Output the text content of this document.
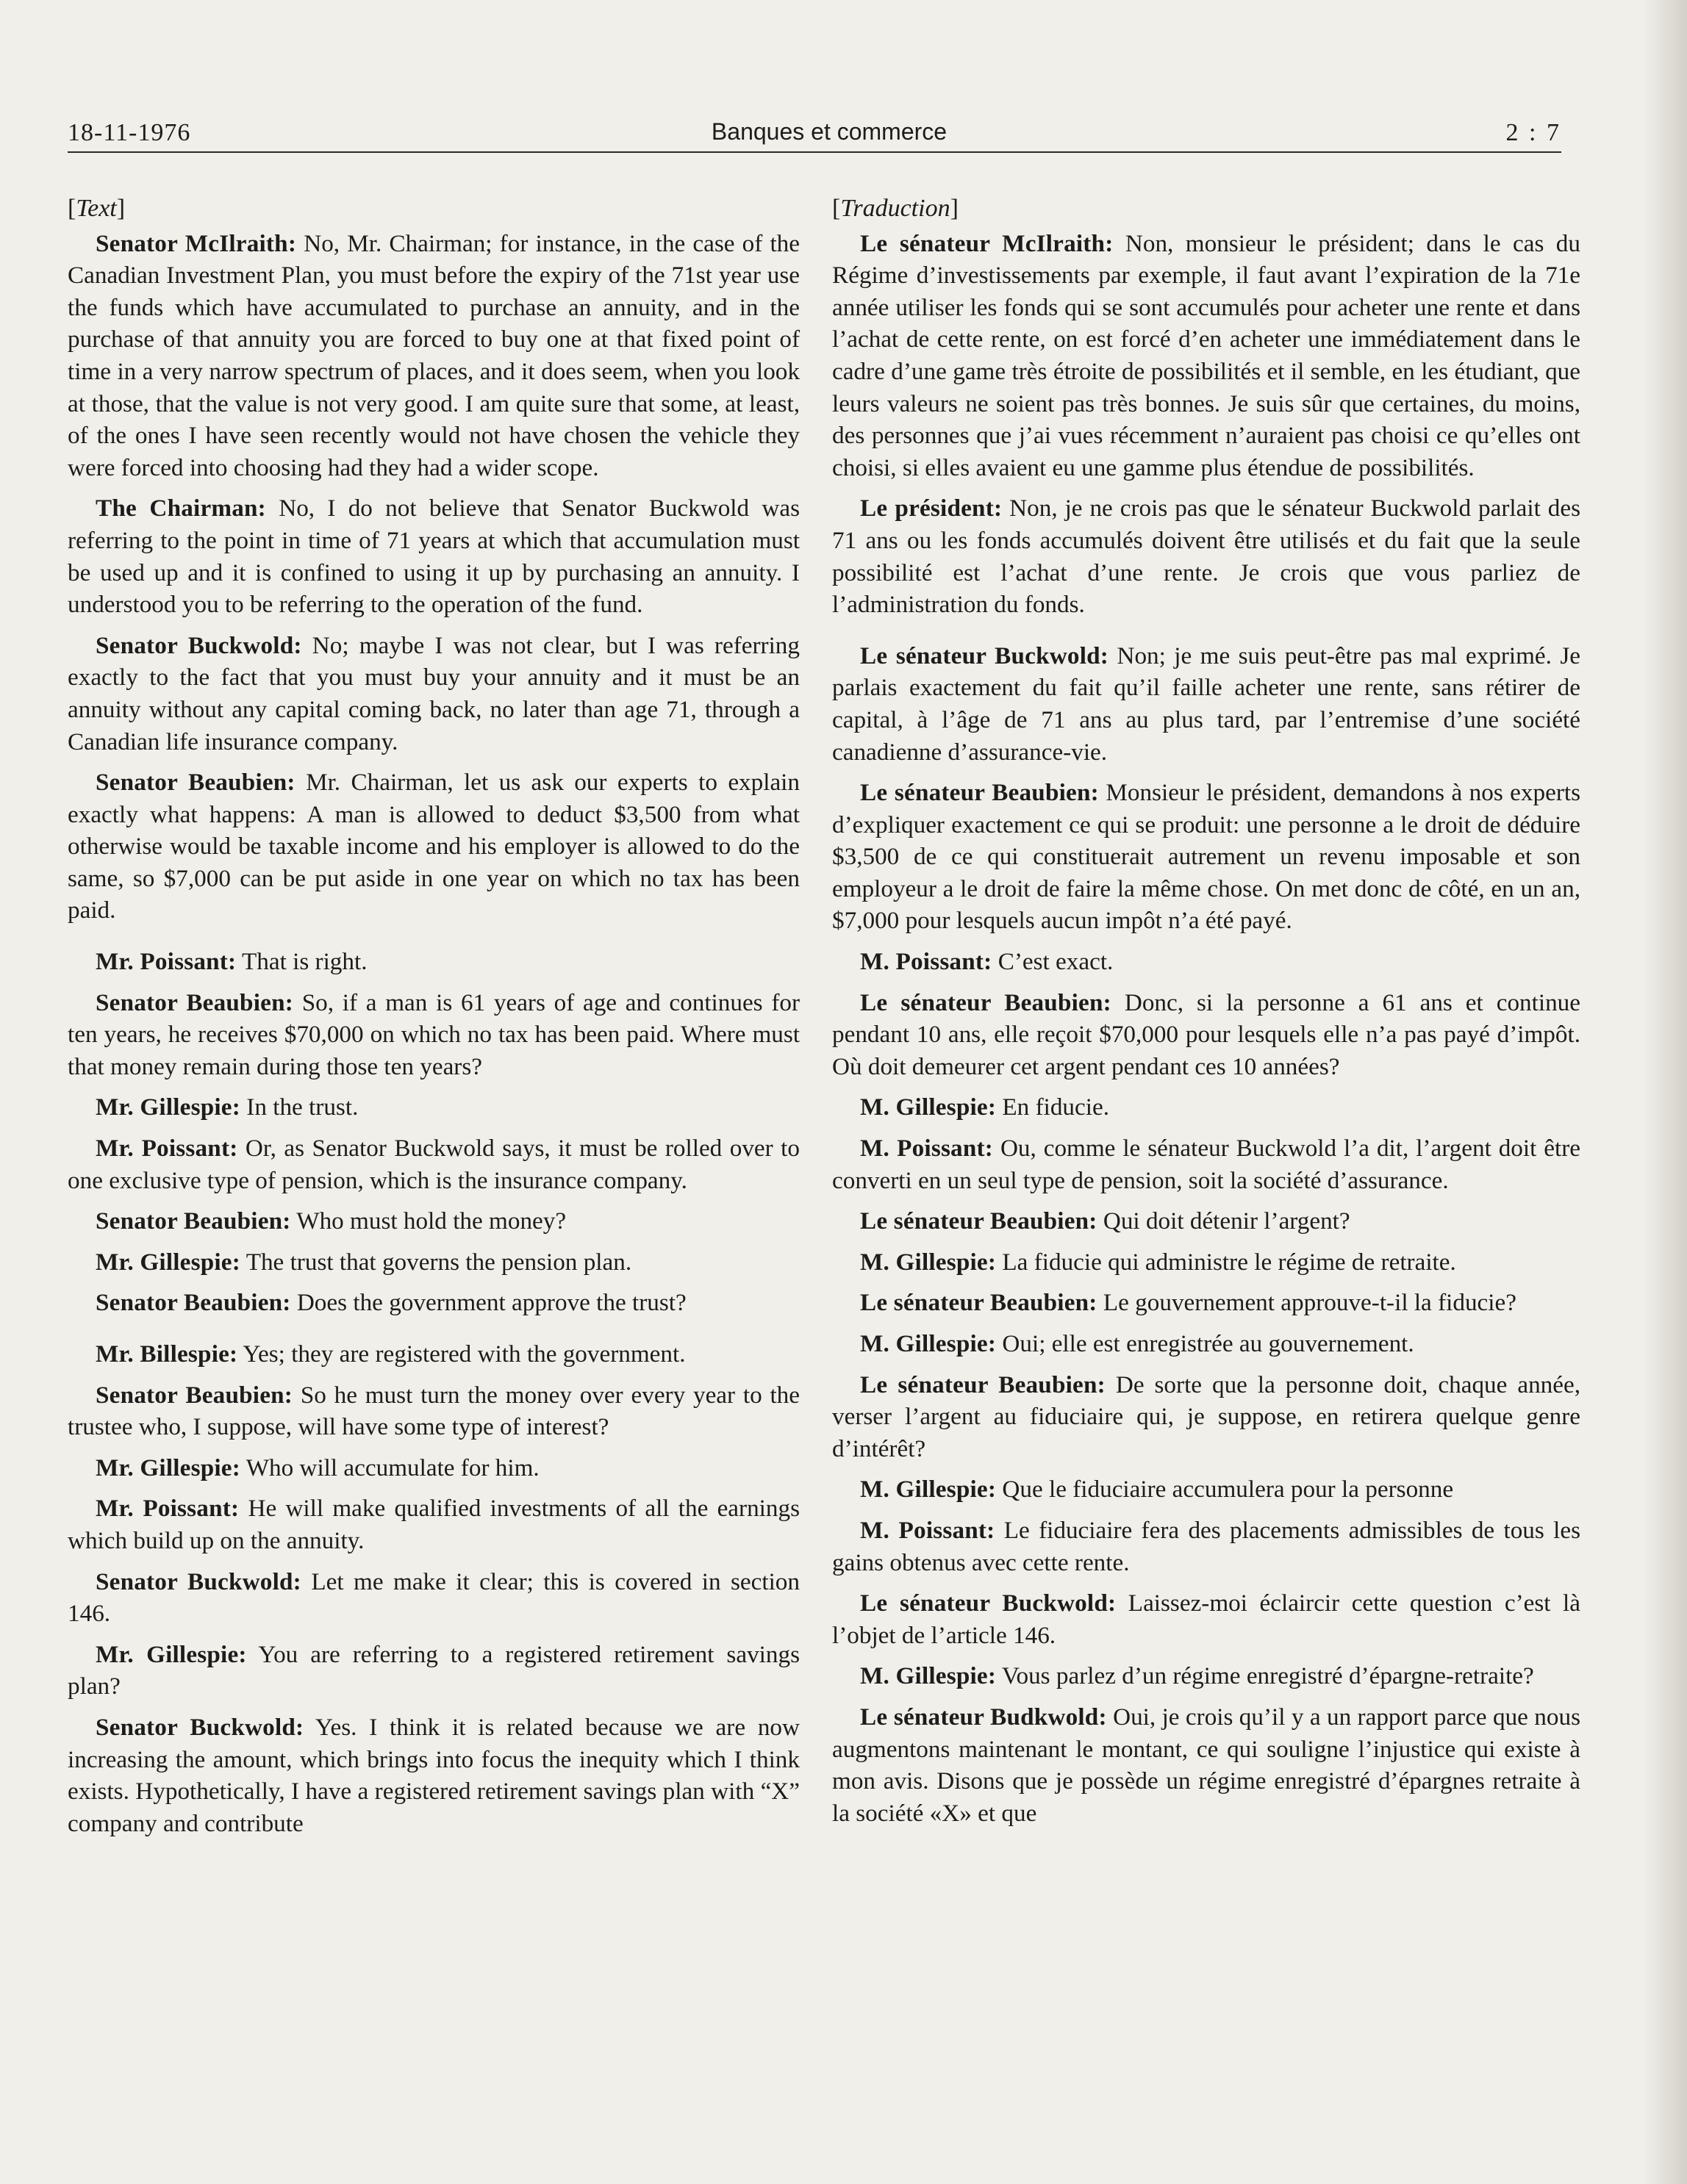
18-11-1976	Banques et commerce	2 : 7
[Text]

Senator McIlraith: No, Mr. Chairman; for instance, in the case of the Canadian Investment Plan, you must before the expiry of the 71st year use the funds which have accumulated to purchase an annuity, and in the purchase of that annuity you are forced to buy one at that fixed point of time in a very narrow spectrum of places, and it does seem, when you look at those, that the value is not very good. I am quite sure that some, at least, of the ones I have seen recently would not have chosen the vehicle they were forced into choosing had they had a wider scope.

The Chairman: No, I do not believe that Senator Buckwold was referring to the point in time of 71 years at which that accumulation must be used up and it is confined to using it up by purchasing an annuity. I understood you to be referring to the operation of the fund.

Senator Buckwold: No; maybe I was not clear, but I was referring exactly to the fact that you must buy your annuity and it must be an annuity without any capital coming back, no later than age 71, through a Canadian life insurance company.

Senator Beaubien: Mr. Chairman, let us ask our experts to explain exactly what happens: A man is allowed to deduct $3,500 from what otherwise would be taxable income and his employer is allowed to do the same, so $7,000 can be put aside in one year on which no tax has been paid.

Mr. Poissant: That is right.

Senator Beaubien: So, if a man is 61 years of age and continues for ten years, he receives $70,000 on which no tax has been paid. Where must that money remain during those ten years?

Mr. Gillespie: In the trust.

Mr. Poissant: Or, as Senator Buckwold says, it must be rolled over to one exclusive type of pension, which is the insurance company.

Senator Beaubien: Who must hold the money?

Mr. Gillespie: The trust that governs the pension plan.

Senator Beaubien: Does the government approve the trust?

Mr. Billespie: Yes; they are registered with the government.

Senator Beaubien: So he must turn the money over every year to the trustee who, I suppose, will have some type of interest?

Mr. Gillespie: Who will accumulate for him.

Mr. Poissant: He will make qualified investments of all the earnings which build up on the annuity.

Senator Buckwold: Let me make it clear; this is covered in section 146.

Mr. Gillespie: You are referring to a registered retirement savings plan?

Senator Buckwold: Yes. I think it is related because we are now increasing the amount, which brings into focus the inequity which I think exists. Hypothetically, I have a registered retirement savings plan with “X” company and contribute

[Traduction]

Le sénateur McIlraith: Non, monsieur le président; dans le cas du Régime d’investissements par exemple, il faut avant l’expiration de la 71e année utiliser les fonds qui se sont accumulés pour acheter une rente et dans l’achat de cette rente, on est forcé d’en acheter une immédiatement dans le cadre d’une game très étroite de possibilités et il semble, en les étudiant, que leurs valeurs ne soient pas très bonnes. Je suis sûr que certaines, du moins, des personnes que j’ai vues récemment n’auraient pas choisi ce qu’elles ont choisi, si elles avaient eu une gamme plus étendue de possibilités.

Le président: Non, je ne crois pas que le sénateur Buckwold parlait des 71 ans ou les fonds accumulés doivent être utilisés et du fait que la seule possibilité est l’achat d’une rente. Je crois que vous parliez de l’administration du fonds.

Le sénateur Buckwold: Non; je me suis peut-être pas mal exprimé. Je parlais exactement du fait qu’il faille acheter une rente, sans rétirer de capital, à l’âge de 71 ans au plus tard, par l’entremise d’une société canadienne d’assurance-vie.

Le sénateur Beaubien: Monsieur le président, demandons à nos experts d’expliquer exactement ce qui se produit: une personne a le droit de déduire $3,500 de ce qui constituerait autrement un revenu imposable et son employeur a le droit de faire la même chose. On met donc de côté, en un an, $7,000 pour lesquels aucun impôt n’a été payé.

M. Poissant: C’est exact.

Le sénateur Beaubien: Donc, si la personne a 61 ans et continue pendant 10 ans, elle reçoit $70,000 pour lesquels elle n’a pas payé d’impôt. Où doit demeurer cet argent pendant ces 10 années?

M. Gillespie: En fiducie.

M. Poissant: Ou, comme le sénateur Buckwold l’a dit, l’argent doit être converti en un seul type de pension, soit la société d’assurance.

Le sénateur Beaubien: Qui doit détenir l’argent?

M. Gillespie: La fiducie qui administre le régime de retraite.

Le sénateur Beaubien: Le gouvernement approuve-t-il la fiducie?

M. Gillespie: Oui; elle est enregistrée au gouvernement.

Le sénateur Beaubien: De sorte que la personne doit, chaque année, verser l’argent au fiduciaire qui, je suppose, en retirera quelque genre d’intérêt?

M. Gillespie: Que le fiduciaire accumulera pour la personne

M. Poissant: Le fiduciaire fera des placements admissibles de tous les gains obtenus avec cette rente.

Le sénateur Buckwold: Laissez-moi éclaircir cette question c’est là l’objet de l’article 146.

M. Gillespie: Vous parlez d’un régime enregistré d’épargne-retraite?

Le sénateur Budkwold: Oui, je crois qu’il y a un rapport parce que nous augmentons maintenant le montant, ce qui souligne l’injustice qui existe à mon avis. Disons que je possède un régime enregistré d’épargnes retraite à la société «X» et que
